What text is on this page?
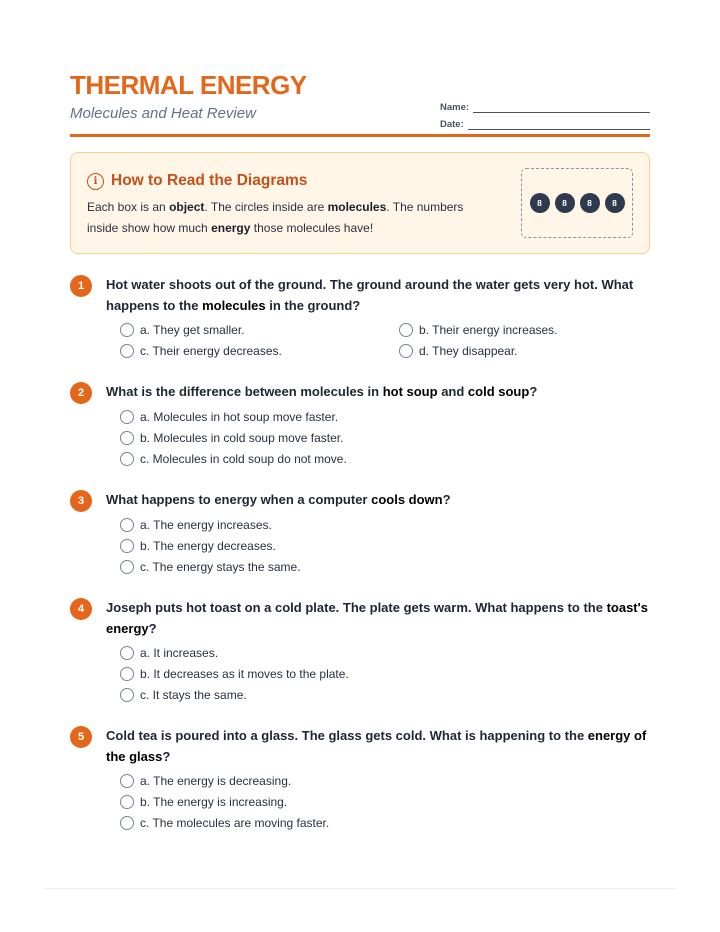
THERMAL ENERGY
Molecules and Heat Review	Name:
Date:
i How to Read the Diagrams
Each box is an object. The circles inside are molecules. The numbers inside show how much energy those molecules have!
8	8	8	8
1	Hot water shoots out of the ground. The ground around the water gets very hot. What happens to the molecules in the ground?
a. They get smaller.	b. Their energy increases.
c. Their energy decreases.	d. They disappear.
2	What is the difference between molecules in hot soup and cold soup?
a. Molecules in hot soup move faster.
b. Molecules in cold soup move faster.
c. Molecules in cold soup do not move.
3	What happens to energy when a computer cools down?
a. The energy increases.
b. The energy decreases.
c. The energy stays the same.
4	Joseph puts hot toast on a cold plate. The plate gets warm. What happens to the toast's energy?
a. It increases.
b. It decreases as it moves to the plate.
c. It stays the same.
5	Cold tea is poured into a glass. The glass gets cold. What is happening to the energy of the glass?
a. The energy is decreasing.
b. The energy is increasing.
c. The molecules are moving faster.
